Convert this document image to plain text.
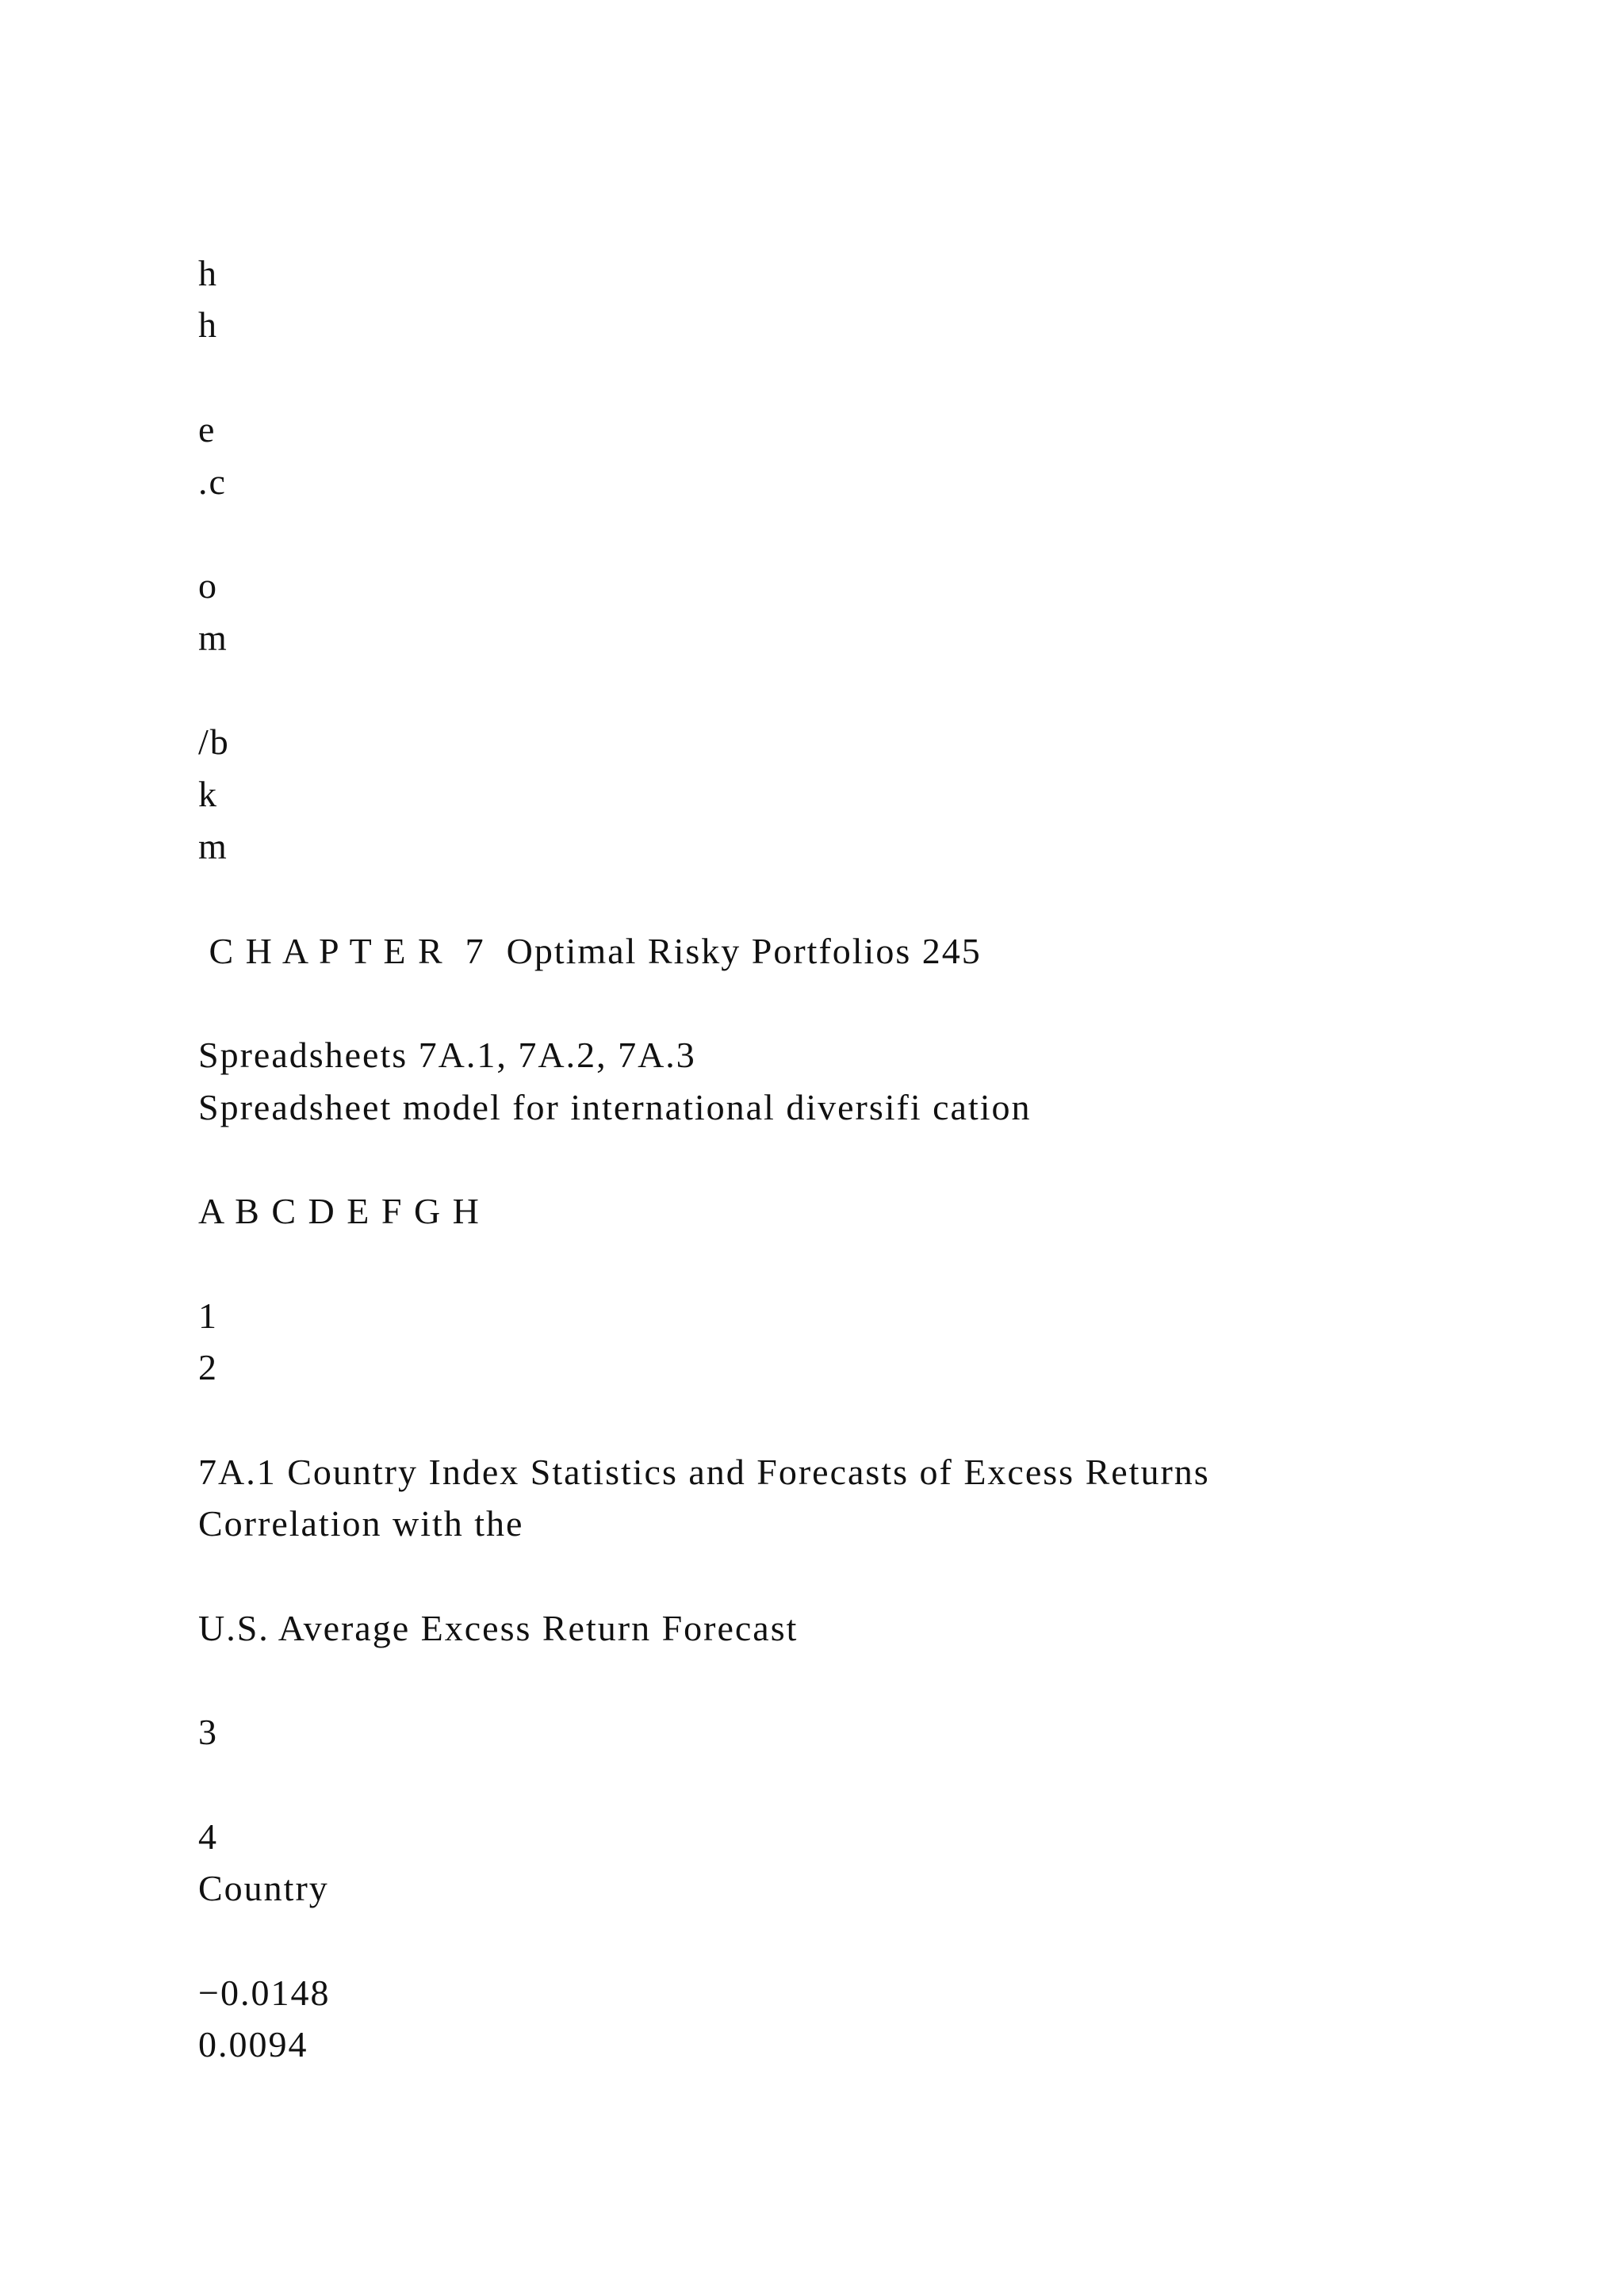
h
h
e
.c
o
m
/b
k
m
C H A P T E R  7  Optimal Risky Portfolios 245
Spreadsheets 7A.1, 7A.2, 7A.3
Spreadsheet model for international diversifi cation
A B C D E F G H
1
2
7A.1 Country Index Statistics and Forecasts of Excess Returns
Correlation with the
U.S. Average Excess Return Forecast
3
4
Country
−0.0148
0.0094
